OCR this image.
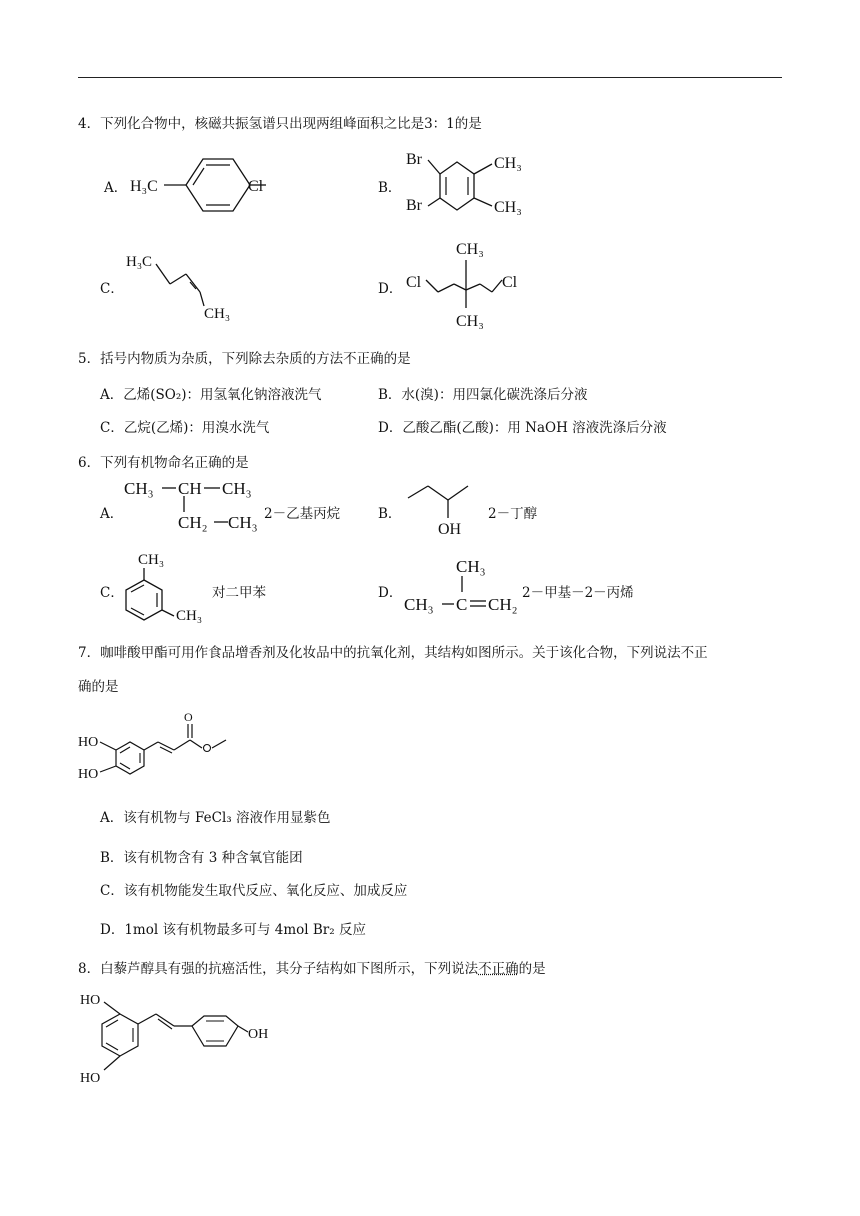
4．下列化合物中，核磁共振氢谱只出现两组峰面积之比是3：1的是
A． H₃C	Cl	B．
Br
Br
CH₃
CH₃
C．
H₃C
CH₃
D．
CH₃
CH₃
Cl	Cl
5．括号内物质为杂质，下列除去杂质的方法不正确的是
A．乙烯(SO₂)：用氢氧化钠溶液洗气	B．水(溴)：用四氯化碳洗涤后分液
C．乙烷(乙烯)：用溴水洗气	D．乙酸乙酯(乙酸)：用 NaOH 溶液洗涤后分液
6．下列有机物命名正确的是
A．
CH₃ CH CH₃
CH₂ CH₃ 2－乙基丙烷	B．
OH
2－丁醇
C．
CH₃
CH₃
对二甲苯	D．
CH₃
CH₃ C CH₂
2－甲基－2－丙烯
7．咖啡酸甲酯可用作食品增香剂及化妆品中的抗氧化剂，其结构如图所示。关于该化合物，下列说法不正
确的是
HO
HO
O
A．该有机物与 FeCl₃ 溶液作用显紫色
B．该有机物含有 3 种含氧官能团
C．该有机物能发生取代反应、氧化反应、加成反应
D．1mol 该有机物最多可与 4mol Br₂ 反应
8．白藜芦醇具有强的抗癌活性，其分子结构如下图所示，下列说法不正确的是
HO
HO
OH
